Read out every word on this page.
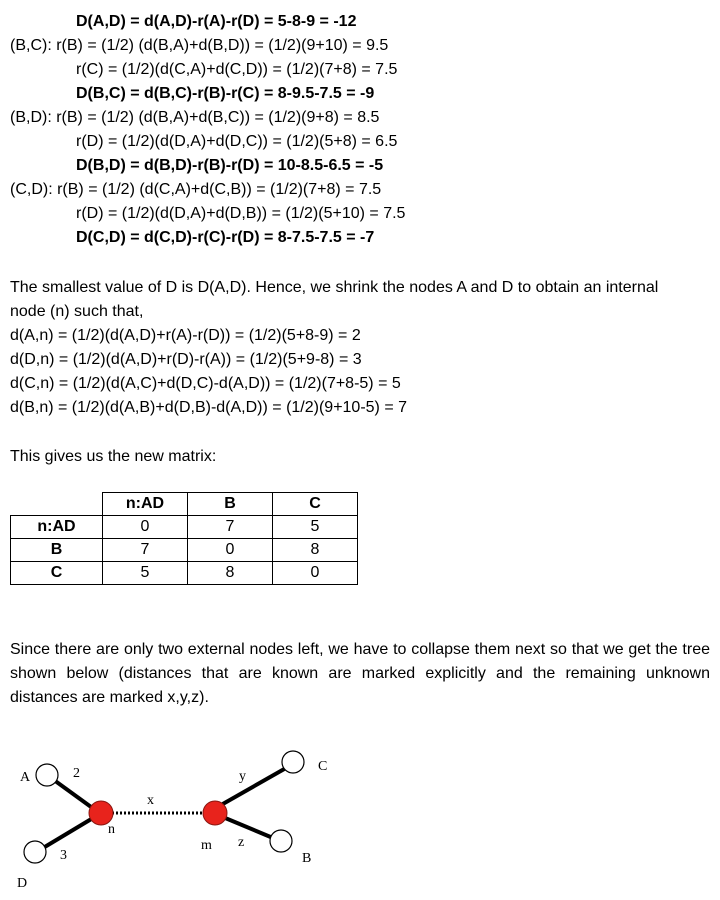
D(A,D) = d(A,D)-r(A)-r(D) = 5-8-9 = -12
(B,C): r(B) = (1/2) (d(B,A)+d(B,D)) = (1/2)(9+10) = 9.5
r(C) = (1/2)(d(C,A)+d(C,D)) = (1/2)(7+8) = 7.5
D(B,C) = d(B,C)-r(B)-r(C) = 8-9.5-7.5 = -9
(B,D): r(B) = (1/2) (d(B,A)+d(B,C)) = (1/2)(9+8) = 8.5
r(D) = (1/2)(d(D,A)+d(D,C)) = (1/2)(5+8) = 6.5
D(B,D) = d(B,D)-r(B)-r(D) = 10-8.5-6.5 = -5
(C,D): r(B) = (1/2) (d(C,A)+d(C,B)) = (1/2)(7+8) = 7.5
r(D) = (1/2)(d(D,A)+d(D,B)) = (1/2)(5+10) = 7.5
D(C,D) = d(C,D)-r(C)-r(D) = 8-7.5-7.5 = -7
The smallest value of D is D(A,D). Hence, we shrink the nodes A and D to obtain an internal node (n) such that,
d(A,n) = (1/2)(d(A,D)+r(A)-r(D)) = (1/2)(5+8-9) = 2
d(D,n) = (1/2)(d(A,D)+r(D)-r(A)) = (1/2)(5+9-8) = 3
d(C,n) = (1/2)(d(A,C)+d(D,C)-d(A,D)) = (1/2)(7+8-5) = 5
d(B,n) = (1/2)(d(A,B)+d(D,B)-d(A,D)) = (1/2)(9+10-5) = 7
This gives us the new matrix:
	n:AD	B	C
n:AD	0	7	5
B	7	0	8
C	5	8	0
Since there are only two external nodes left, we have to collapse them next so that we get the tree shown below (distances that are known are marked explicitly and the remaining unknown distances are marked x,y,z).
A
D
C
B
n
m
2
3
x
y
z
